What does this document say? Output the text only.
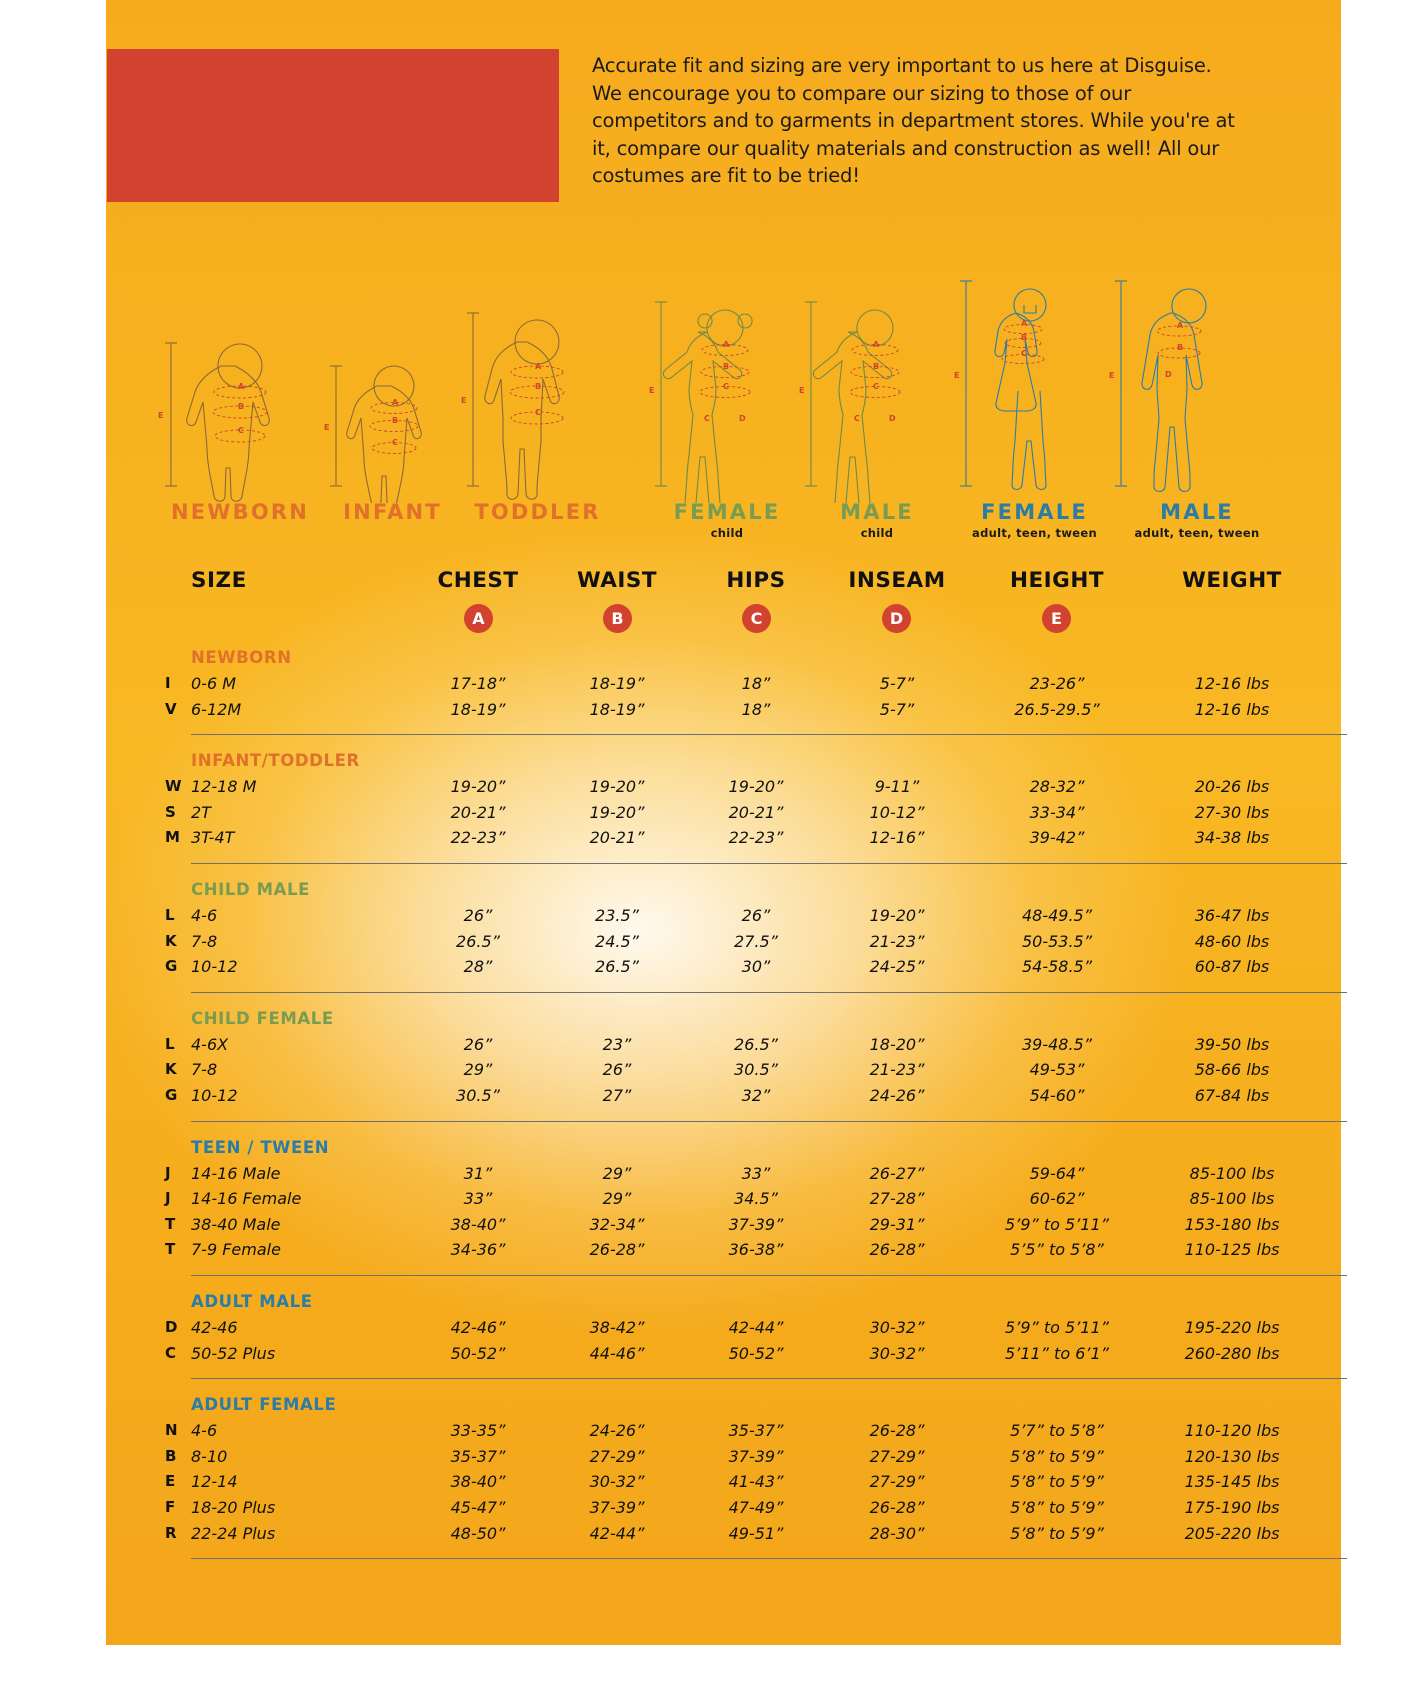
Accurate fit and sizing are very important to us here at Disguise. We encourage you to compare our sizing to those of our competitors and to garments in department stores. While you're at it, compare our quality materials and construction as well! All our costumes are fit to be tried!

A
B
C
E
A
B
C
E
A
B
C
E
A
B
C
C	D
E
A
B
C
C	D
E
A
B
C
E
A
B
D
E
NEWBORN	INFANT	TODDLER	FEMALE
child
MALE
child
FEMALE
adult, teen, tween
MALE
adult, teen, tween
SIZE	CHEST	WAIST	HIPS	INSEAM	HEIGHT	WEIGHT
A	B	C	D	E
NEWBORN
I	0-6 M	17-18”	18-19”	18”	5-7”	23-26”	12-16 lbs
V 6-12M	18-19”	18-19”	18”	5-7”	26.5-29.5”	12-16 lbs
INFANT/TODDLER
W 12-18 M	19-20”	19-20”	19-20”	9-11”	28-32”	20-26 lbs
S 2T	20-21”	19-20”	20-21”	10-12”	33-34”	27-30 lbs
M 3T-4T	22-23”	20-21”	22-23”	12-16”	39-42”	34-38 lbs
CHILD MALE
L	4-6	26”	23.5”	26”	19-20”	48-49.5”	36-47 lbs
K 7-8	26.5”	24.5”	27.5”	21-23”	50-53.5”	48-60 lbs
G 10-12	28”	26.5”	30”	24-25”	54-58.5”	60-87 lbs
CHILD FEMALE
L	4-6X	26”	23”	26.5”	18-20”	39-48.5”	39-50 lbs
K 7-8	29”	26”	30.5”	21-23”	49-53”	58-66 lbs
G 10-12	30.5”	27”	32”	24-26”	54-60”	67-84 lbs
TEEN / TWEEN
J	14-16 Male	31”	29”	33”	26-27”	59-64”	85-100 lbs
J	14-16 Female	33”	29”	34.5”	27-28”	60-62”	85-100 lbs
T 38-40 Male	38-40”	32-34”	37-39”	29-31”	5’9” to 5’11”	153-180 lbs
T 7-9 Female	34-36”	26-28”	36-38”	26-28”	5’5” to 5’8”	110-125 lbs
ADULT MALE
D 42-46	42-46”	38-42”	42-44”	30-32”	5’9” to 5’11”	195-220 lbs
C 50-52 Plus	50-52”	44-46”	50-52”	30-32”	5’11” to 6’1”	260-280 lbs
ADULT FEMALE
N 4-6	33-35”	24-26”	35-37”	26-28”	5’7” to 5’8”	110-120 lbs
B 8-10	35-37”	27-29”	37-39”	27-29”	5’8” to 5’9”	120-130 lbs
E 12-14	38-40”	30-32”	41-43”	27-29”	5’8” to 5’9”	135-145 lbs
F 18-20 Plus	45-47”	37-39”	47-49”	26-28”	5’8” to 5’9”	175-190 lbs
R 22-24 Plus	48-50”	42-44”	49-51”	28-30”	5’8” to 5’9”	205-220 lbs
